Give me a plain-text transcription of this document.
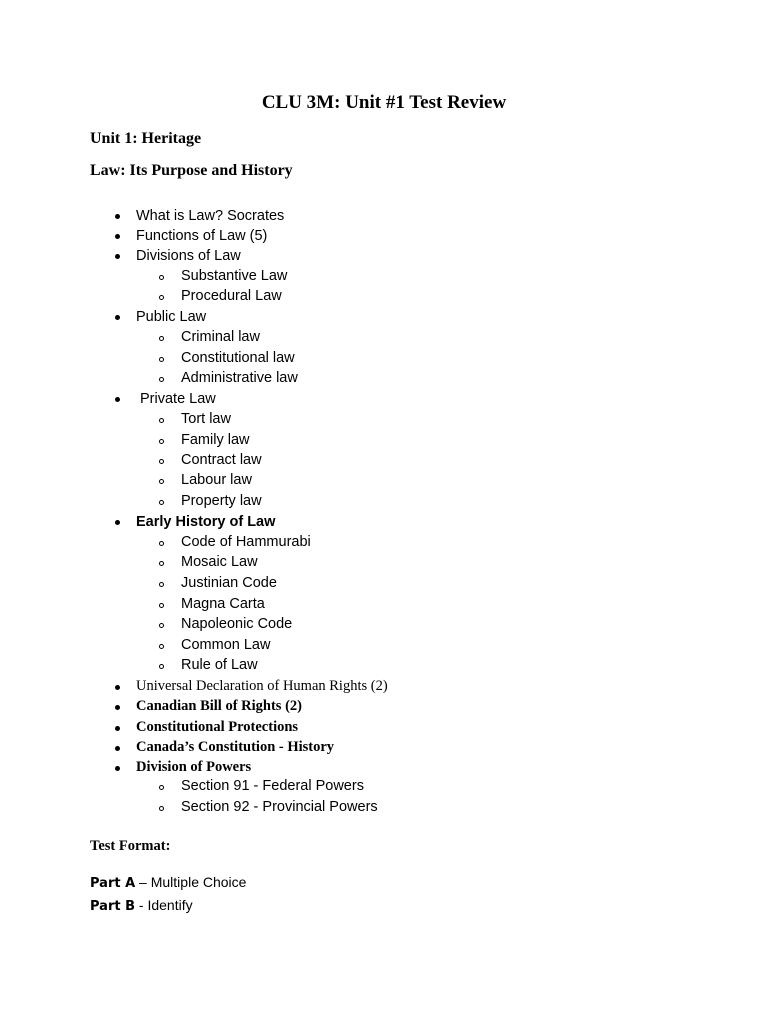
CLU 3M: Unit #1 Test Review
Unit 1: Heritage
Law: Its Purpose and History
What is Law? Socrates
Functions of Law (5)
Divisions of Law
Substantive Law
Procedural Law
Public Law
Criminal law
Constitutional law
Administrative law
Private Law
Tort law
Family law
Contract law
Labour law
Property law
Early History of Law
Code of Hammurabi
Mosaic Law
Justinian Code
Magna Carta
Napoleonic Code
Common Law
Rule of Law
Universal Declaration of Human Rights (2)
Canadian Bill of Rights (2)
Constitutional Protections
Canada’s Constitution - History
Division of Powers
Section 91 - Federal Powers
Section 92 - Provincial Powers
Test Format:
Part A – Multiple Choice
Part B - Identify
